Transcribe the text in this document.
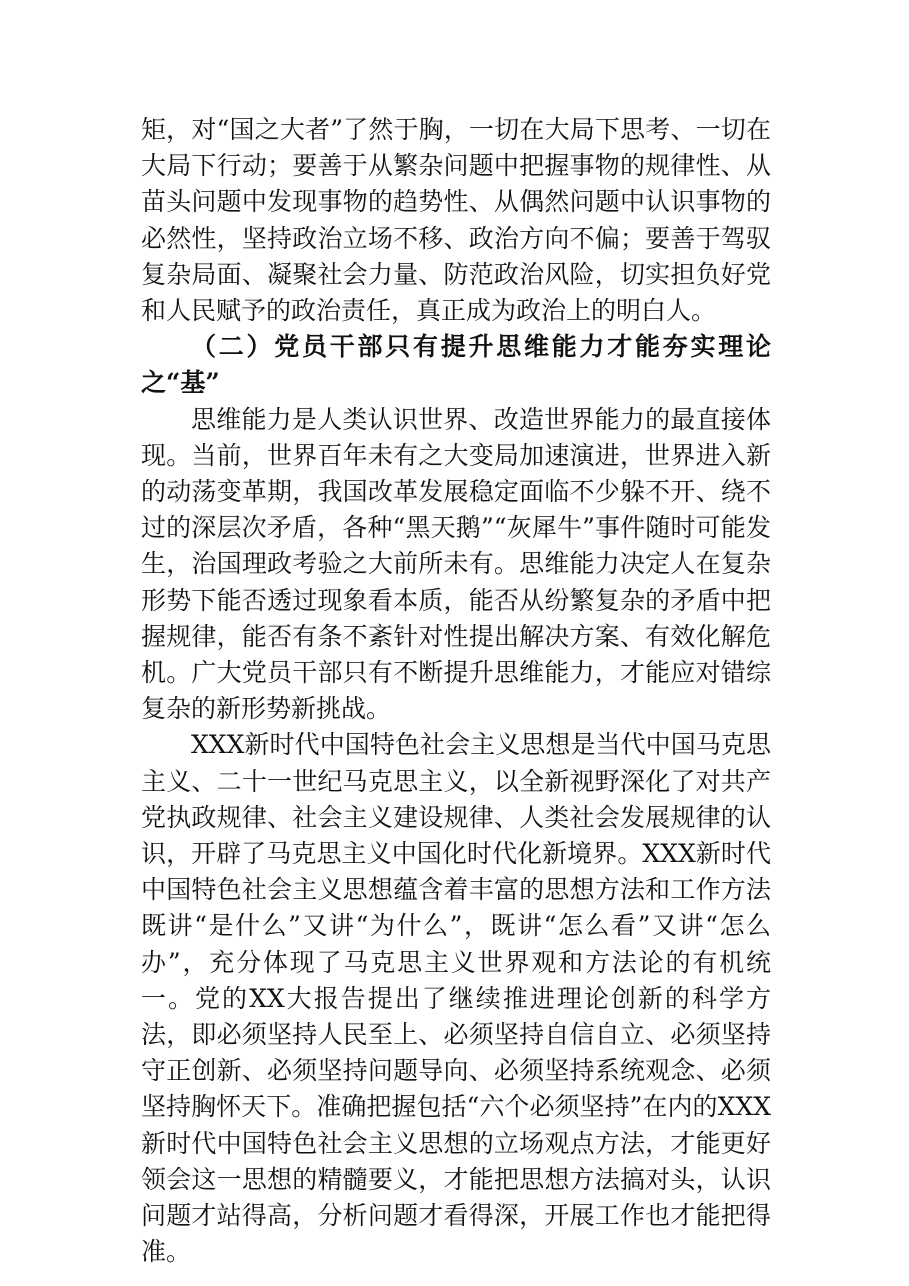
矩，对“国之大者”了然于胸，一切在大局下思考、一切在大局下行动；要善于从繁杂问题中把握事物的规律性、从苗头问题中发现事物的趋势性、从偶然问题中认识事物的必然性，坚持政治立场不移、政治方向不偏；要善于驾驭复杂局面、凝聚社会力量、防范政治风险，切实担负好党和人民赋予的政治责任，真正成为政治上的明白人。

（二）党员干部只有提升思维能力才能夯实理论之“基”

思维能力是人类认识世界、改造世界能力的最直接体现。当前，世界百年未有之大变局加速演进，世界进入新的动荡变革期，我国改革发展稳定面临不少躲不开、绕不过的深层次矛盾，各种“黑天鹅”“灰犀牛”事件随时可能发生，治国理政考验之大前所未有。思维能力决定人在复杂形势下能否透过现象看本质，能否从纷繁复杂的矛盾中把握规律，能否有条不紊针对性提出解决方案、有效化解危机。广大党员干部只有不断提升思维能力，才能应对错综复杂的新形势新挑战。

XXX新时代中国特色社会主义思想是当代中国马克思主义、二十一世纪马克思主义，以全新视野深化了对共产党执政规律、社会主义建设规律、人类社会发展规律的认识，开辟了马克思主义中国化时代化新境界。XXX新时代中国特色社会主义思想蕴含着丰富的思想方法和工作方法既讲“是什么”又讲“为什么”，既讲“怎么看”又讲“怎么办”，充分体现了马克思主义世界观和方法论的有机统一。党的XX大报告提出了继续推进理论创新的科学方法，即必须坚持人民至上、必须坚持自信自立、必须坚持守正创新、必须坚持问题导向、必须坚持系统观念、必须坚持胸怀天下。准确把握包括“六个必须坚持”在内的XXX新时代中国特色社会主义思想的立场观点方法，才能更好领会这一思想的精髓要义，才能把思想方法搞对头，认识问题才站得高，分析问题才看得深，开展工作也才能把得准。
